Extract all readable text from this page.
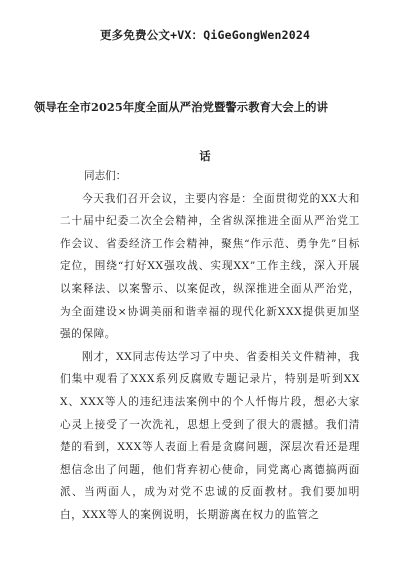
更多免费公文+VX：QiGeGongWen2024
领导在全市2025年度全面从严治党暨警示教育大会上的讲
话

同志们：

今天我们召开会议，主要内容是：全面贯彻党的XX大和二十届中纪委二次全会精神，全省纵深推进全面从严治党工作会议、省委经济工作会精神，聚焦“作示范、勇争先”目标定位，围绕“打好XX强攻战、实现XX”工作主线，深入开展以案释法、以案警示、以案促改，纵深推进全面从严治党，为全面建设×协调美丽和谐幸福的现代化新XXX提供更加坚强的保障。

刚才，XX同志传达学习了中央、省委相关文件精神，我们集中观看了XXX系列反腐败专题记录片，特别是听到XXX、XXX等人的违纪违法案例中的个人忏悔片段，想必大家心灵上接受了一次洗礼，思想上受到了很大的震撼。我们清楚的看到，XXX等人表面上看是贪腐问题，深层次看还是理想信念出了问题，他们背弃初心使命，同党离心离德搞两面派、当两面人，成为对党不忠诚的反面教材。我们要加明白，XXX等人的案例说明，长期游离在权力的监管之
